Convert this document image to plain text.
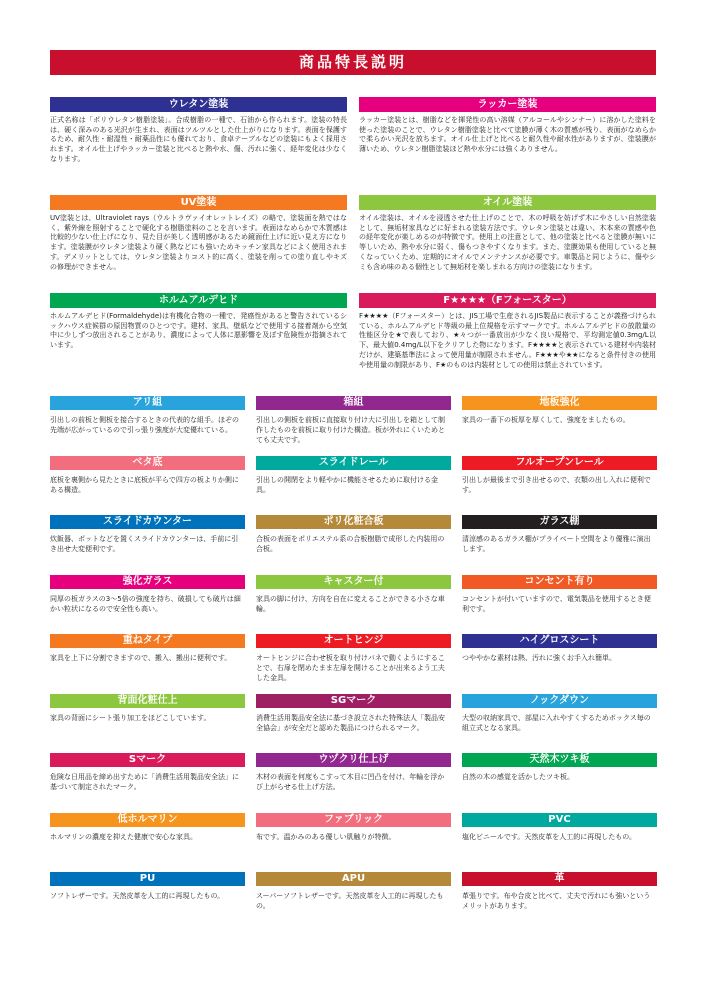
商品特長説明
ウレタン塗装
正式名称は「ポリウレタン樹脂塗装」。合成樹脂の一種で、石油から作られます。塗装の特長は、硬く深みのある光沢が生まれ、表面はツルツルとした仕上がりになります。表面を保護するため、耐久性・耐湿性・耐薬品性にも優れており、食卓テーブルなどの塗装にもよく採用されます。オイル仕上げやラッカー塗装と比べると熱や水、傷、汚れに強く、経年変化は少なくなります。
ラッカー塗装
ラッカー塗装とは、樹脂などを揮発性の高い溶媒（アルコールやシンナー）に溶かした塗料を使った塗装のことで、ウレタン樹脂塗装と比べて塗膜が薄く木の質感が残り、表面がなめらかで柔らかい光沢を放ちます。オイル仕上げと比べると耐久性や耐水性がありますが、塗装膜が薄いため、ウレタン樹脂塗装ほど熱や水分には強くありません。
UV塗装
UV塗装とは、Ultraviolet rays（ウルトラヴァイオレットレイズ）の略で、塗装面を熱ではなく、紫外線を照射することで硬化する樹脂塗料のことを言います。表面はなめらかで木質感は比較的少ない仕上げになり、見た目が美しく透明感があるため鏡面仕上げに近い見え方になります。塗装膜がウレタン塗装より硬く熱などにも強いためキッチン家具などによく使用されます。デメリットとしては、ウレタン塗装よりコスト的に高く、塗装を削っての塗り直しやキズの修理ができません。
オイル塗装
オイル塗装は、オイルを浸透させた仕上げのことで、木の呼吸を妨げず木にやさしい自然塗装として、無垢材家具などに好まれる塗装方法です。ウレタン塗装とは違い、木本来の質感や色の経年変化が楽しめるのが特徴です。使用上の注意として、他の塗装と比べると塗膜が無いに等しいため、熱や水分に弱く、傷もつきやすくなります。また、塗膜効果も使用していると無くなっていくため、定期的にオイルでメンテナンスが必要です。車製品と同じように、傷やシミも含め味のある個性として無垢材を楽しまれる方向けの塗装になります。
ホルムアルデヒド
ホルムアルデヒド(Formaldehyde)は有機化合物の一種で、発癌性があると警告されているシックハウス症候群の原因物質のひとつです。建材、家具、壁紙などで使用する接着剤から空気中に少しずつ放出されることがあり、濃度によって人体に悪影響を及ぼす危険性が指摘されています。
F★★★★（Fフォースター）
F★★★★（Fフォースター）とは、JIS工場で生産されるJIS製品に表示することが義務づけられている、ホルムアルデヒド等級の最上位規格を示すマークです。ホルムアルデヒドの放散量の性能区分を★で表しており、★々つが一番放出が少なく良い規格で、平均測定値0.3mg/L以下、最大値0.4mg/L以下をクリアした物になります。F★★★★と表示されている建材や内装材だけが、建築基準法によって使用量が制限されません。F★★★や★★になると条件付きの使用や使用量の制限があり、F★のものは内装材としての使用は禁止されています。
アリ組
引出しの前板と側板を接合するときの代表的な組手。ほぞの先端が広がっているので引っ張り強度が大変優れている。
箱組
引出しの側板を前板に直接取り付け大に引出しを箱として制作したものを前板に取り付けた構造。板が外れにくいためとても丈夫です。
地板強化
家具の一番下の板厚を厚くして、強度をましたもの。
ベタ底
底板を裏側から見たときに底板が平らで四方の板よりか側にある構造。
スライドレール
引出しの開閉をより軽やかに機能させるために取付ける金具。
フルオープンレール
引出しが最後まで引き出せるので、衣類の出し入れに便利です。
スライドカウンター
炊飯器、ポットなどを置くスライドカウンターは、手前に引き出せ大変便利です。
ポリ化粧合板
合板の表面をポリエステル系の合板樹脂で成形した内装用の合板。
ガラス棚
清涼感のあるガラス棚がプライベート空間をより優雅に演出します。
強化ガラス
同厚の板ガラスの3～5倍の強度を持ち、破損しても破片は細かい粒状になるので安全性も高い。
キャスター付
家具の脚に付け、方向を自在に変えることができる小さな車輪。
コンセント有り
コンセントが付いていますので、電気製品を使用するとき便利です。
重ねタイプ
家具を上下に分割できますので、搬入、搬出に便利です。
オートヒンジ
オートヒンジに合わせ板を取り付けバネで動くようにすることで、右扉を閉めたまま左扉を開けることが出来るよう工夫した金具。
ハイグロスシート
つややかな素材は熱、汚れに強くお手入れ簡単。
背面化粧仕上
家具の背面にシート張り加工をほどこしています。
SGマーク
消費生活用製品安全法に基づき設立された特殊法人「製品安全協会」が安全だと認めた製品につけられるマーク。
ノックダウン
大型の収納家具で、部屋に入れやすくするためボックス毎の組立式となる家具。
Sマーク
危険な日用品を締め出すために「消費生活用製品安全法」に基づいて制定されたマーク。
ウヅクリ仕上げ
木材の表面を何度もこすって木目に凹凸を付け、年輪を浮かび上がらせる仕上げ方法。
天然木ツキ板
自然の木の感覚を活かしたツキ板。
低ホルマリン
ホルマリンの濃度を抑えた健康で安心な家具。
ファブリック
布です。温かみのある優しい肌触りが特徴。
PVC
塩化ビニールです。天然皮革を人工的に再現したもの。
PU
ソフトレザーです。天然皮革を人工的に再現したもの。
APU
スーパーソフトレザーです。天然皮革を人工的に再現したもの。
革
革張りです。布や合皮と比べて、丈夫で汚れにも強いというメリットがあります。
